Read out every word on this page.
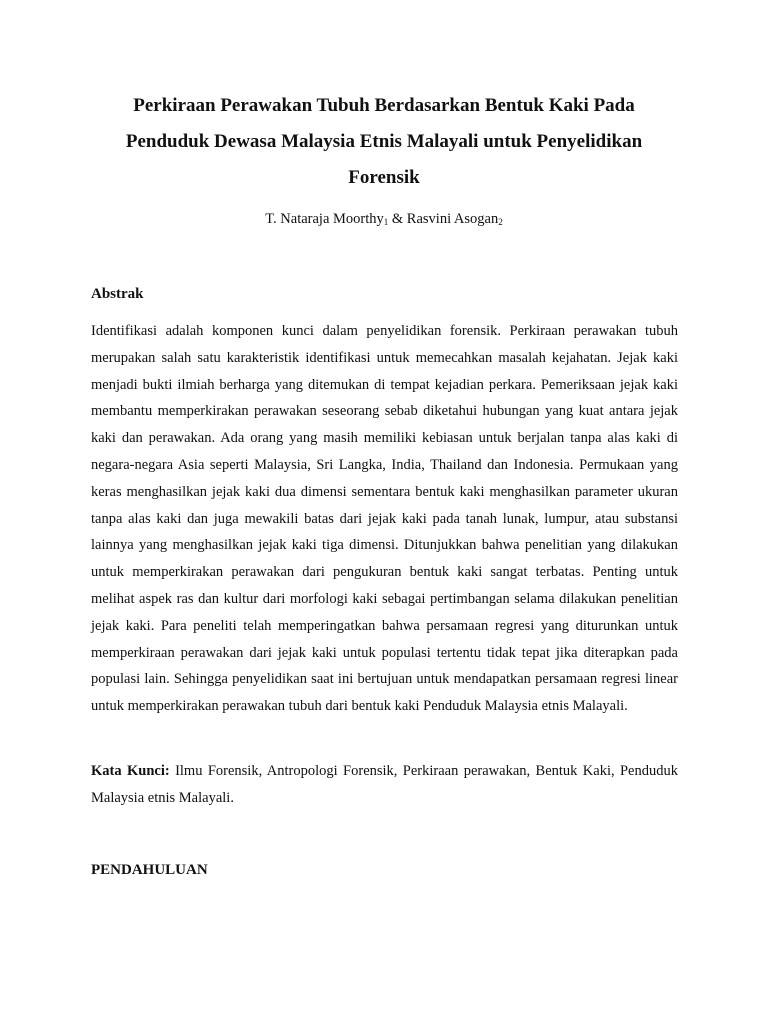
Perkiraan Perawakan Tubuh Berdasarkan Bentuk Kaki Pada
Penduduk Dewasa Malaysia Etnis Malayali untuk Penyelidikan
Forensik
T. Nataraja Moorthy$_1$ & Rasvini Asogan$_2$
Abstrak

Identifikasi adalah komponen kunci dalam penyelidikan forensik. Perkiraan perawakan tubuh merupakan salah satu karakteristik identifikasi untuk memecahkan masalah kejahatan. Jejak kaki menjadi bukti ilmiah berharga yang ditemukan di tempat kejadian perkara. Pemeriksaan jejak kaki membantu memperkirakan perawakan seseorang sebab diketahui hubungan yang kuat antara jejak kaki dan perawakan. Ada orang yang masih memiliki kebiasan untuk berjalan tanpa alas kaki di negara-negara Asia seperti Malaysia, Sri Langka, India, Thailand dan Indonesia. Permukaan yang keras menghasilkan jejak kaki dua dimensi sementara bentuk kaki menghasilkan parameter ukuran tanpa alas kaki dan juga mewakili batas dari jejak kaki pada tanah lunak, lumpur, atau substansi lainnya yang menghasilkan jejak kaki tiga dimensi. Ditunjukkan bahwa penelitian yang dilakukan untuk memperkirakan perawakan dari pengukuran bentuk kaki sangat terbatas. Penting untuk melihat aspek ras dan kultur dari morfologi kaki sebagai pertimbangan selama dilakukan penelitian jejak kaki. Para peneliti telah memperingatkan bahwa persamaan regresi yang diturunkan untuk memperkiraan perawakan dari jejak kaki untuk populasi tertentu tidak tepat jika diterapkan pada populasi lain. Sehingga penyelidikan saat ini bertujuan untuk mendapatkan persamaan regresi linear untuk memperkirakan perawakan tubuh dari bentuk kaki Penduduk Malaysia etnis Malayali.

Kata Kunci: Ilmu Forensik, Antropologi Forensik, Perkiraan perawakan, Bentuk Kaki, Penduduk Malaysia etnis Malayali.

PENDAHULUAN
